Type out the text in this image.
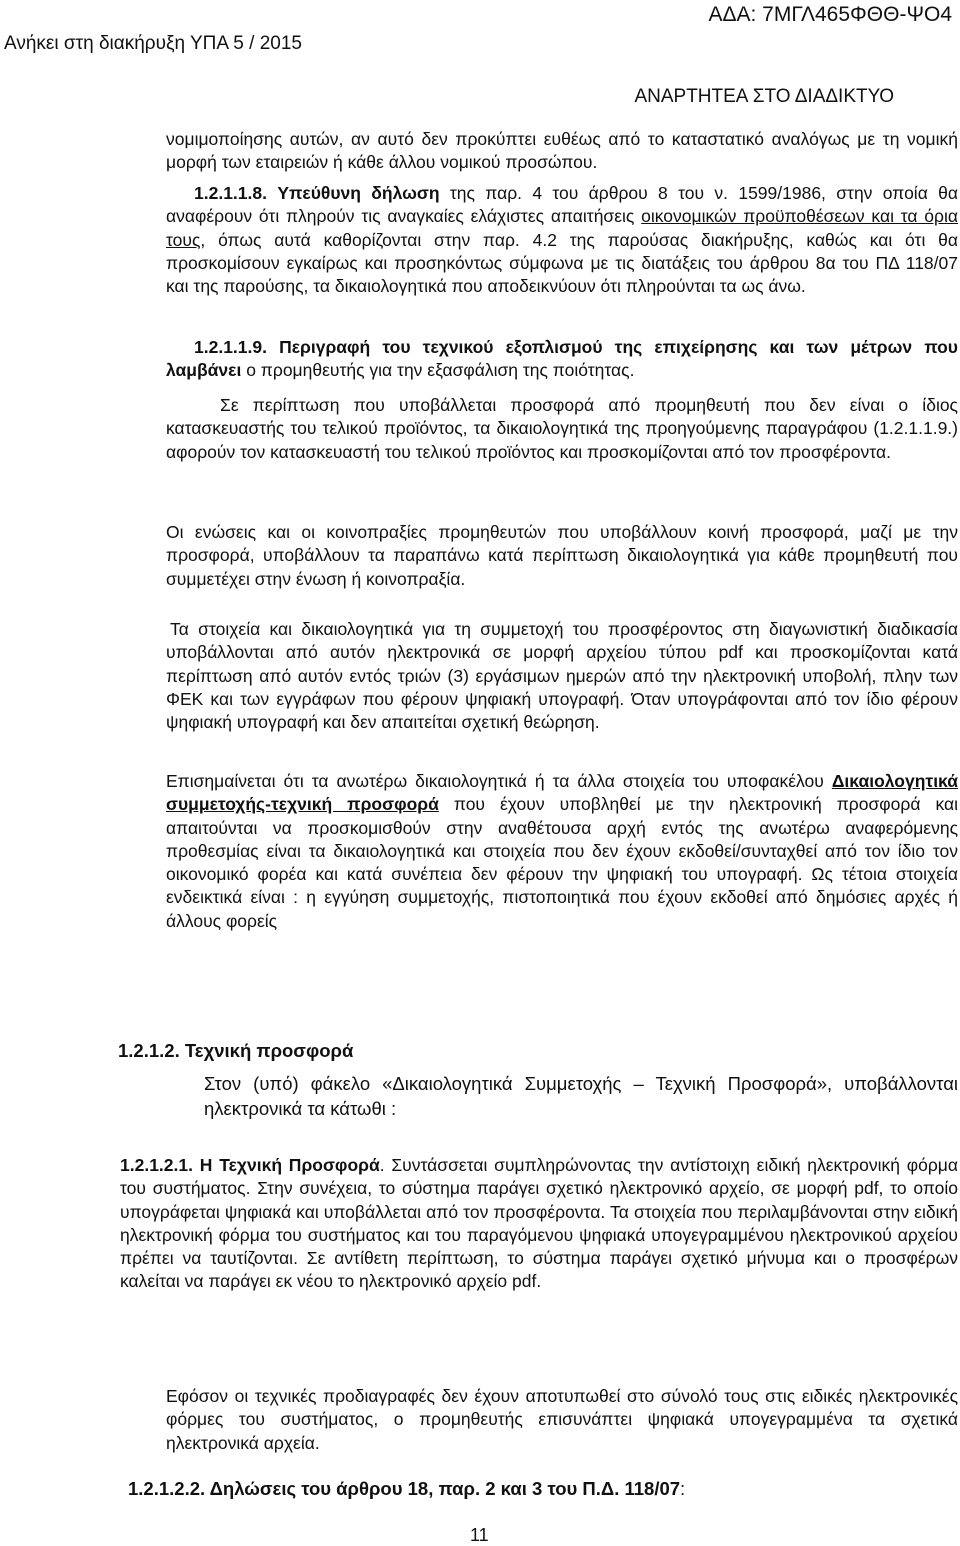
Ανήκει στη διακήρυξη ΥΠΑ 5 / 2015
ΑΔΑ: 7ΜΓΛ465ΦΘΘ-ΨΟ4
ΑΝΑΡΤΗΤΕΑ ΣΤΟ ΔΙΑΔΙΚΤΥΟ

νομιμοποίησης αυτών, αν αυτό δεν προκύπτει ευθέως από το καταστατικό αναλόγως με τη νομική μορφή των εταιρειών ή κάθε άλλου νομικού προσώπου.

1.2.1.1.8. Υπεύθυνη δήλωση της παρ. 4 του άρθρου 8 του ν. 1599/1986, στην οποία θα αναφέρουν ότι πληρούν τις αναγκαίες ελάχιστες απαιτήσεις οικονομικών προϋποθέσεων και τα όρια τους, όπως αυτά καθορίζονται στην παρ. 4.2 της παρούσας διακήρυξης, καθώς και ότι θα προσκομίσουν εγκαίρως και προσηκόντως σύμφωνα με τις διατάξεις του άρθρου 8α του ΠΔ 118/07 και της παρούσης, τα δικαιολογητικά που αποδεικνύουν ότι πληρούνται τα ως άνω.

1.2.1.1.9. Περιγραφή του τεχνικού εξοπλισμού της επιχείρησης και των μέτρων που λαμβάνει ο προμηθευτής για την εξασφάλιση της ποιότητας.

Σε περίπτωση που υποβάλλεται προσφορά από προμηθευτή που δεν είναι ο ίδιος κατασκευαστής του τελικού προϊόντος, τα δικαιολογητικά της προηγούμενης παραγράφου (1.2.1.1.9.) αφορούν τον κατασκευαστή του τελικού προϊόντος και προσκομίζονται από τον προσφέροντα.

Οι ενώσεις και οι κοινοπραξίες προμηθευτών που υποβάλλουν κοινή προσφορά, μαζί με την προσφορά, υποβάλλουν τα παραπάνω κατά περίπτωση δικαιολογητικά για κάθε προμηθευτή που συμμετέχει στην ένωση ή κοινοπραξία.

Τα στοιχεία και δικαιολογητικά για τη συμμετοχή του προσφέροντος στη διαγωνιστική διαδικασία υποβάλλονται από αυτόν ηλεκτρονικά σε μορφή αρχείου τύπου pdf και προσκομίζονται κατά περίπτωση από αυτόν εντός τριών (3) εργάσιμων ημερών από την ηλεκτρονική υποβολή, πλην των ΦΕΚ και των εγγράφων που φέρουν ψηφιακή υπογραφή. Όταν υπογράφονται από τον ίδιο φέρουν ψηφιακή υπογραφή και δεν απαιτείται σχετική θεώρηση.

Επισημαίνεται ότι τα ανωτέρω δικαιολογητικά ή τα άλλα στοιχεία του υποφακέλου Δικαιολογητικά συμμετοχής-τεχνική προσφορά που έχουν υποβληθεί με την ηλεκτρονική προσφορά και απαιτούνται να προσκομισθούν στην αναθέτουσα αρχή εντός της ανωτέρω αναφερόμενης προθεσμίας είναι τα δικαιολογητικά και στοιχεία που δεν έχουν εκδοθεί/συνταχθεί από τον ίδιο τον οικονομικό φορέα και κατά συνέπεια δεν φέρουν την ψηφιακή του υπογραφή. Ως τέτοια στοιχεία ενδεικτικά είναι : η εγγύηση συμμετοχής, πιστοποιητικά που έχουν εκδοθεί από δημόσιες αρχές ή άλλους φορείς

1.2.1.2. Τεχνική προσφορά

Στον (υπό) φάκελο «Δικαιολογητικά Συμμετοχής – Τεχνική Προσφορά», υποβάλλονται ηλεκτρονικά τα κάτωθι :

1.2.1.2.1. Η Τεχνική Προσφορά. Συντάσσεται συμπληρώνοντας την αντίστοιχη ειδική ηλεκτρονική φόρμα του συστήματος. Στην συνέχεια, το σύστημα παράγει σχετικό ηλεκτρονικό αρχείο, σε μορφή pdf, το οποίο υπογράφεται ψηφιακά και υποβάλλεται από τον προσφέροντα. Τα στοιχεία που περιλαμβάνονται στην ειδική ηλεκτρονική φόρμα του συστήματος και του παραγόμενου ψηφιακά υπογεγραμμένου ηλεκτρονικού αρχείου πρέπει να ταυτίζονται. Σε αντίθετη περίπτωση, το σύστημα παράγει σχετικό μήνυμα και ο προσφέρων καλείται να παράγει εκ νέου το ηλεκτρονικό αρχείο pdf.

Εφόσον οι τεχνικές προδιαγραφές δεν έχουν αποτυπωθεί στο σύνολό τους στις ειδικές ηλεκτρονικές φόρμες του συστήματος, ο προμηθευτής επισυνάπτει ψηφιακά υπογεγραμμένα τα σχετικά ηλεκτρονικά αρχεία.

1.2.1.2.2. Δηλώσεις του άρθρου 18, παρ. 2 και 3 του Π.Δ. 118/07:
11
